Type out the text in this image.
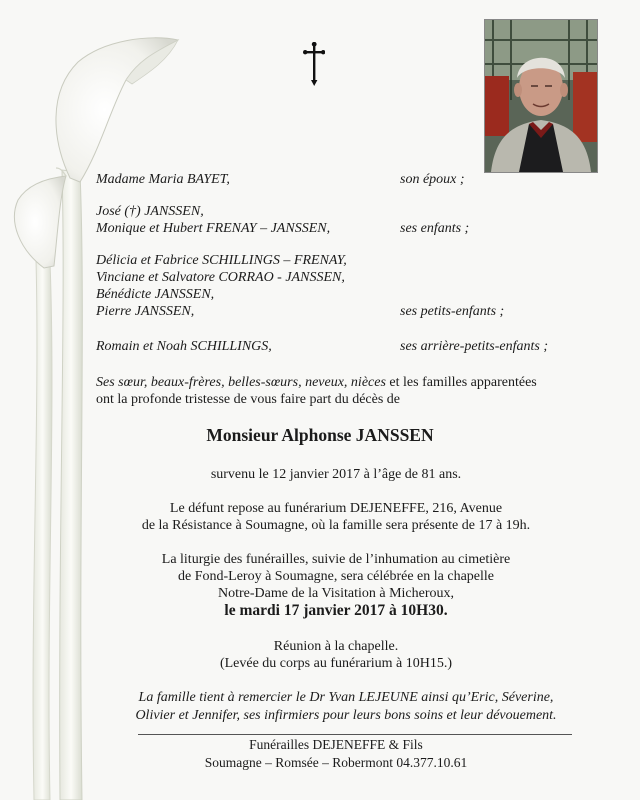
Madame Maria BAYET,	son époux ;
José (†) JANSSEN,
Monique et Hubert FRENAY – JANSSEN,	ses enfants ;
Délicia et Fabrice SCHILLINGS – FRENAY,
Vinciane et Salvatore CORRAO - JANSSEN,
Bénédicte JANSSEN,
Pierre JANSSEN,	ses petits-enfants ;
Romain et Noah SCHILLINGS,	ses arrière-petits-enfants ;
Ses sœur, beaux-frères, belles-sœurs, neveux, nièces et les familles apparentées
ont la profonde tristesse de vous faire part du décès de
Monsieur Alphonse JANSSEN
survenu le 12 janvier 2017 à l’âge de 81 ans.
Le défunt repose au funérarium DEJENEFFE, 216, Avenue
de la Résistance à Soumagne, où la famille sera présente de 17 à 19h.
La liturgie des funérailles, suivie de l’inhumation au cimetière
de Fond-Leroy à Soumagne, sera célébrée en la chapelle
Notre-Dame de la Visitation à Micheroux,
le mardi 17 janvier 2017 à 10H30.
Réunion à la chapelle.
(Levée du corps au funérarium à 10H15.)
La famille tient à remercier le Dr Yvan LEJEUNE ainsi qu’Eric, Séverine,
Olivier et Jennifer, ses infirmiers pour leurs bons soins et leur dévouement.
Funérailles DEJENEFFE & Fils
Soumagne – Romsée – Robermont 04.377.10.61
